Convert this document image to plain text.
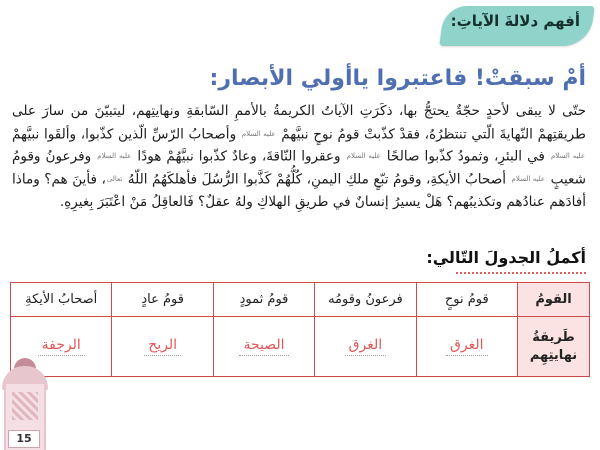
أفهم دلالةَ الآياتِ:
أمْ سبقتْ! فاعتبروا ياأولي الأبصار:
حتّى لا يبقى لأحدٍ حجّةٌ يحتجُّ بها، ذكَرَتِ الآياتُ الكريمةُ بالأممِ السّابقةِ ونهايتِهم، ليتبيّنَ من سارَ على طريقتِهمْ النّهايةَ الّتي تنتظرُهُ، فقدْ كذّبتْ قومُ نوحٍ نبيَّهمْ عليه السلام وأصحابُ الرّسِّ الّذين كذّبوا، وألقَوا نبيَّهمْ عليه السلام في البئرِ، وثمودُ كذّبوا صالحًا عليه السلام وعقروا النّاقةَ، وعادٌ كذّبوا نبيَّهُمْ هودًا عليه السلام وفرعونُ وقومُ شعيبٍ عليه السلام أصحابُ الأيكةِ، وقومُ تبّعٍ ملكِ اليمنِ، كُلُّهُمْ كَذَّبوا الرُّسُلَ فأهلكَهُمُ اللّهُ تعالى، فأينَ هم؟ وماذا أفادَهم عنادُهم وتكذيبُهم؟ هَلْ يسيرُ إنسانٌ في طريقِ الهلاكِ ولهُ عقلٌ؟ فَالعاقِلُ مَنْ اعْتَبَرَ بِغيرِهِ.
أكملُ الجدولَ التّالي:
القومُ	قومُ نوحٍ	فرعونُ وقومُه	قومُ ثمودٍ	قومُ عادٍ	أصحابُ الأيكةِ
طَريقةُ نهايتِهِم	الغرق	الغرق	الصيحة	الريح	الرجفة
15
